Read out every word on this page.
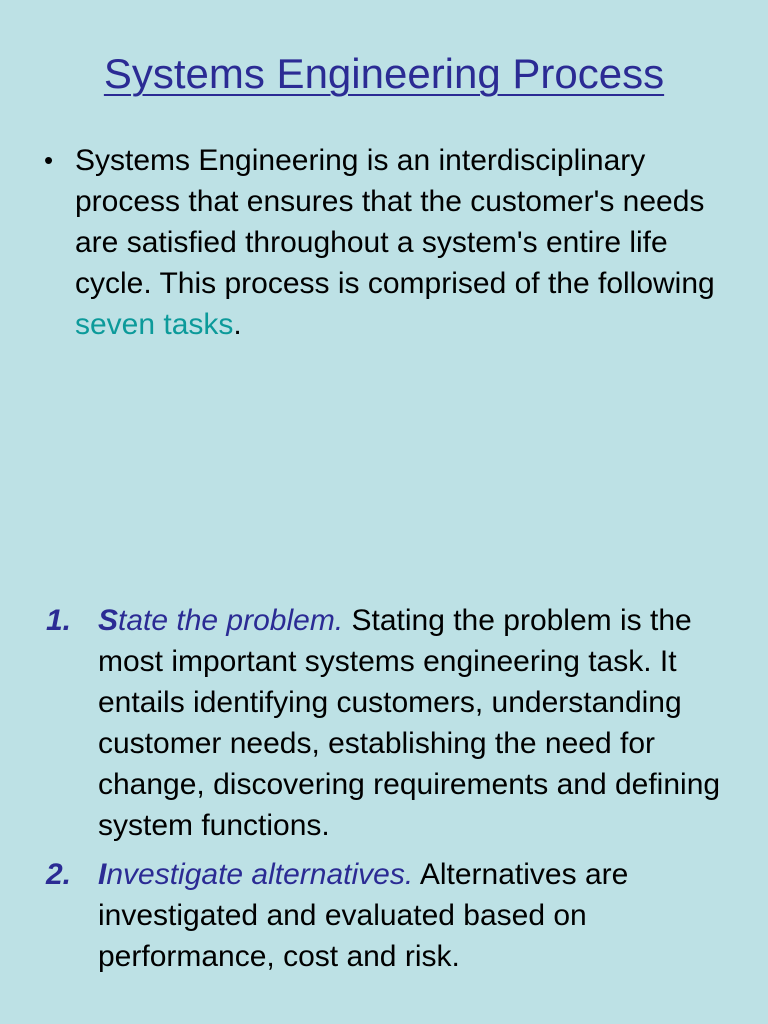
Systems Engineering Process
• Systems Engineering is an interdisciplinary process that ensures that the customer's needs are satisfied throughout a system's entire life cycle. This process is comprised of the following seven tasks.
1. State the problem. Stating the problem is the most important systems engineering task. It entails identifying customers, understanding customer needs, establishing the need for change, discovering requirements and defining system functions.
2. Investigate alternatives. Alternatives are investigated and evaluated based on performance, cost and risk.
